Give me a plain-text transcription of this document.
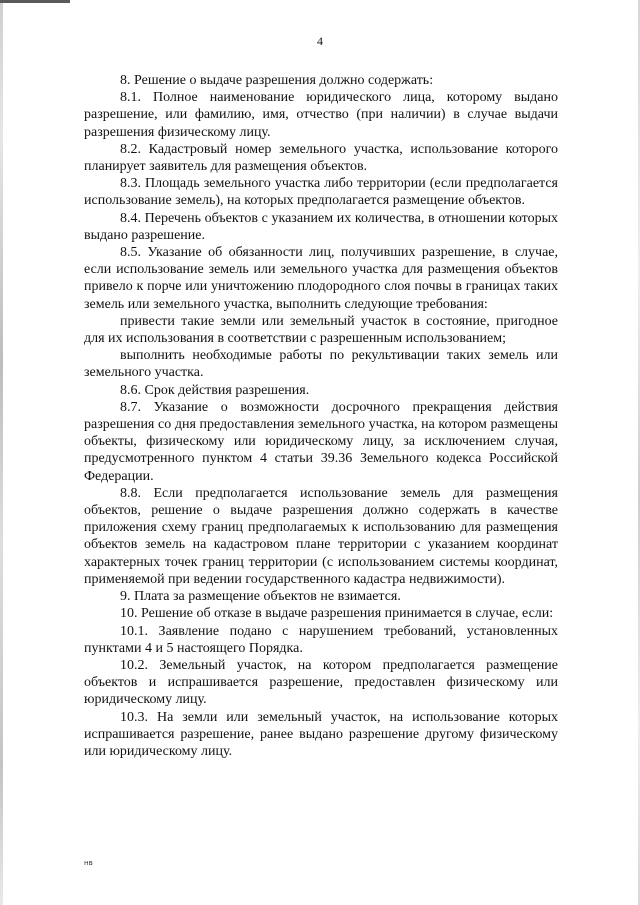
4

8. Решение о выдаче разрешения должно содержать:

8.1. Полное наименование юридического лица, которому выдано разрешение, или фамилию, имя, отчество (при наличии) в случае выдачи разрешения физическому лицу.

8.2. Кадастровый номер земельного участка, использование которого планирует заявитель для размещения объектов.

8.3. Площадь земельного участка либо территории (если предполагается использование земель), на которых предполагается размещение объектов.

8.4. Перечень объектов с указанием их количества, в отношении которых выдано разрешение.

8.5. Указание об обязанности лиц, получивших разрешение, в случае, если использование земель или земельного участка для размещения объектов привело к порче или уничтожению плодородного слоя почвы в границах таких земель или земельного участка, выполнить следующие требования:

привести такие земли или земельный участок в состояние, пригодное для их использования в соответствии с разрешенным использованием;

выполнить необходимые работы по рекультивации таких земель или земельного участка.

8.6. Срок действия разрешения.

8.7. Указание о возможности досрочного прекращения действия разрешения со дня предоставления земельного участка, на котором размещены объекты, физическому или юридическому лицу, за исключением случая, предусмотренного пунктом 4 статьи 39.36 Земельного кодекса Российской Федерации.

8.8. Если предполагается использование земель для размещения объектов, решение о выдаче разрешения должно содержать в качестве приложения схему границ предполагаемых к использованию для размещения объектов земель на кадастровом плане территории с указанием координат характерных точек границ территории (с использованием системы координат, применяемой при ведении государственного кадастра недвижимости).

9. Плата за размещение объектов не взимается.

10. Решение об отказе в выдаче разрешения принимается в случае, если:

10.1. Заявление подано с нарушением требований, установленных пунктами 4 и 5 настоящего Порядка.

10.2. Земельный участок, на котором предполагается размещение объектов и испрашивается разрешение, предоставлен физическому или юридическому лицу.

10.3. На земли или земельный участок, на использование которых испрашивается разрешение, ранее выдано разрешение другому физическому или юридическому лицу.

нв
